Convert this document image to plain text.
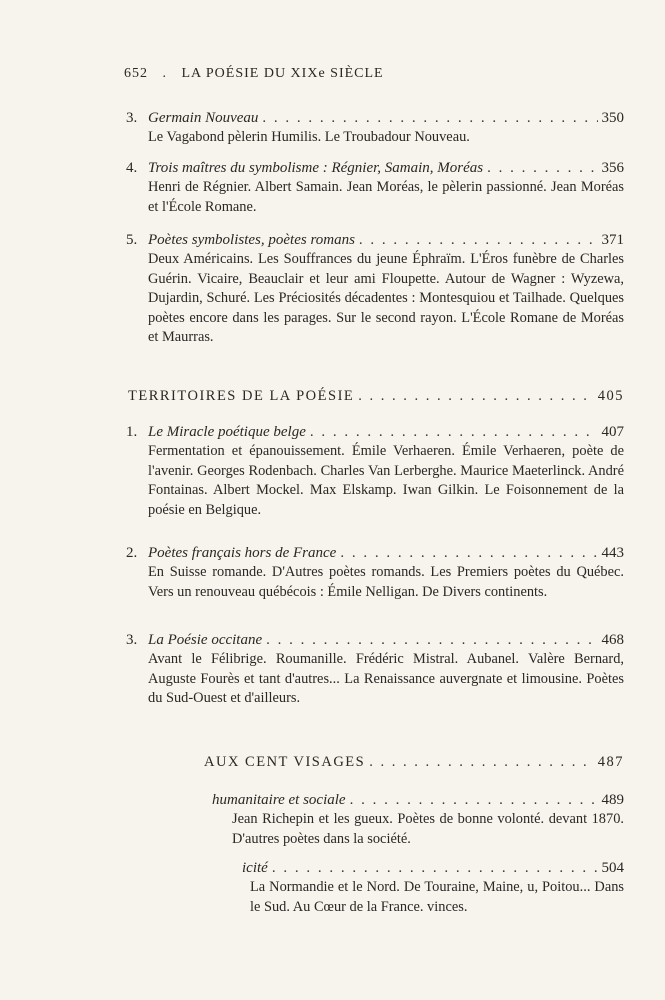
652 . LA POÉSIE DU XIXe SIÈCLE
3. Germain Nouveau . . .	350
Le Vagabond pèlerin Humilis. Le Troubadour Nouveau.
4. Trois maîtres du symbolisme : Régnier, Samain, Moréas . . .	356
Henri de Régnier. Albert Samain. Jean Moréas, le pèlerin passionné. Jean Moréas et l'École Romane.
5. Poètes symbolistes, poètes romans . . .	371
Deux Américains. Les Souffrances du jeune Éphraïm. L'Éros funèbre de Charles Guérin. Vicaire, Beauclair et leur ami Floupette. Autour de Wagner : Wyzewa, Dujardin, Schuré. Les Préciosités décadentes : Montesquiou et Tailhade. Quelques poètes encore dans les parages. Sur le second rayon. L'École Romane de Moréas et Maurras.
TERRITOIRES DE LA POÉSIE . . .	405
1. Le Miracle poétique belge . . .	407
Fermentation et épanouissement. Émile Verhaeren. Émile Verhaeren, poète de l'avenir. Georges Rodenbach. Charles Van Lerberghe. Maurice Maeterlinck. André Fontainas. Albert Mockel. Max Elskamp. Iwan Gilkin. Le Foisonnement de la poésie en Belgique.
2. Poètes français hors de France . . .	443
En Suisse romande. D'Autres poètes romands. Les Premiers poètes du Québec. Vers un renouveau québécois : Émile Nelligan. De Divers continents.
3. La Poésie occitane . . .	468
Avant le Félibrige. Roumanille. Frédéric Mistral. Aubanel. Valère Bernard, Auguste Fourès et tant d'autres... La Renaissance auvergnate et limousine. Poètes du Sud-Ouest et d'ailleurs.
AUX CENT VISAGES . . .	487
humanitaire et sociale . . .	489
Jean Richepin et les gueux. Poètes de bonne volonté. devant 1870. D'autres poètes dans la société.
icité . . .	504
La Normandie et le Nord. De Touraine, Maine, u, Poitou... Dans le Sud. Au Cœur de la France. vinces.
